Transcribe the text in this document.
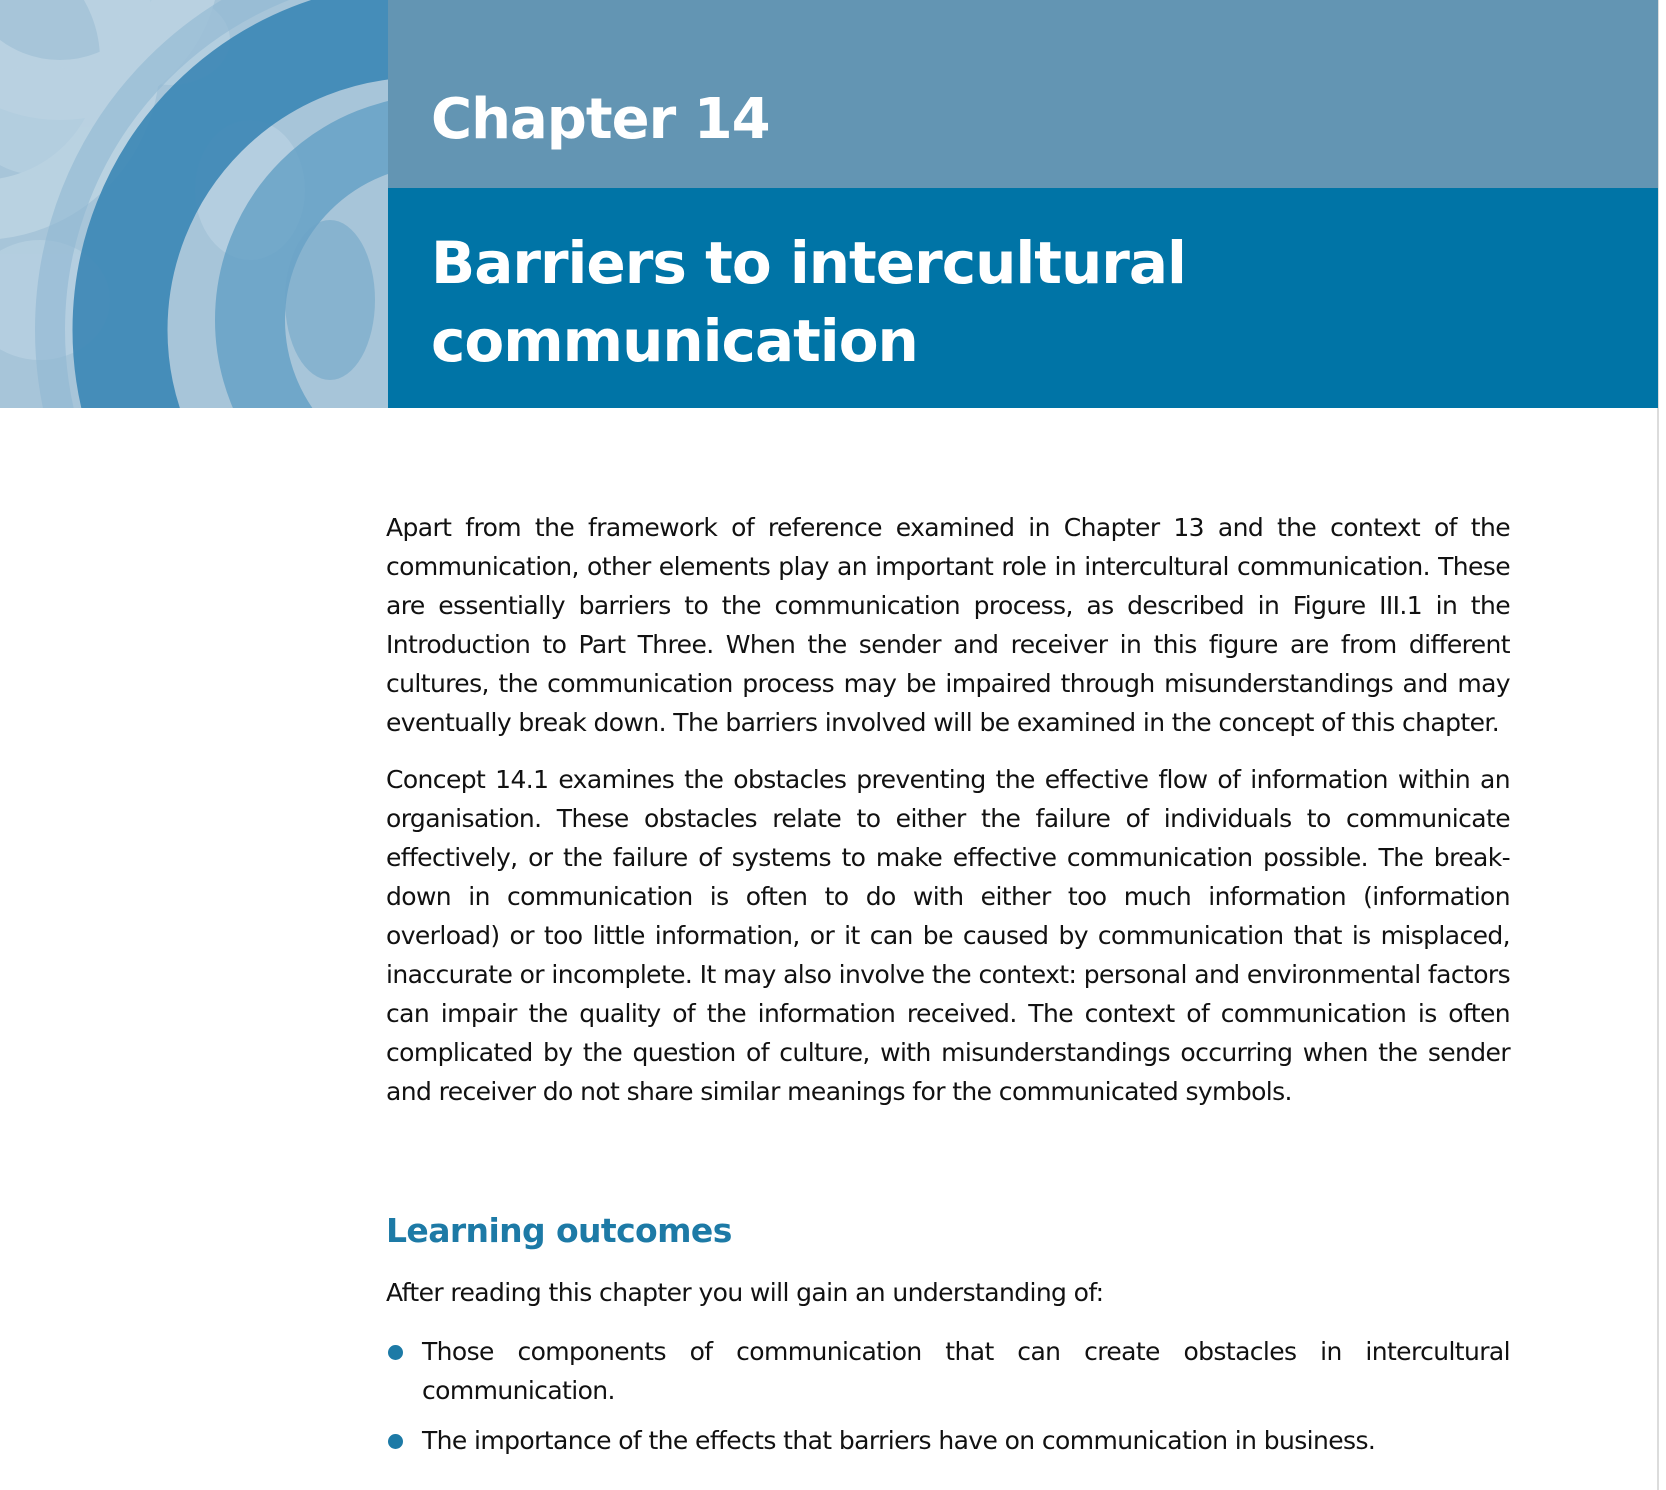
Chapter 14
Barriers to intercultural
communication

Apart from the framework of reference examined in Chapter 13 and the context of the communication, other elements play an important role in intercultural communication. These are essentially barriers to the communication process, as described in Figure III.1 in the Introduction to Part Three. When the sender and receiver in this figure are from different cultures, the communication process may be impaired through misunderstandings and may eventually break down. The barriers involved will be examined in the concept of this chapter.

Concept 14.1 examines the obstacles preventing the effective flow of information within an organisation. These obstacles relate to either the failure of individuals to communicate effectively, or the failure of systems to make effective communication possible. The break-down in communication is often to do with either too much information (information overload) or too little information, or it can be caused by communication that is misplaced, inaccurate or incomplete. It may also involve the context: personal and environmental factors can impair the quality of the information received. The context of communication is often complicated by the question of culture, with misunderstandings occurring when the sender and receiver do not share similar meanings for the communicated symbols.

Learning outcomes

After reading this chapter you will gain an understanding of:

Those components of communication that can create obstacles in intercultural communication.
The importance of the effects that barriers have on communication in business.
